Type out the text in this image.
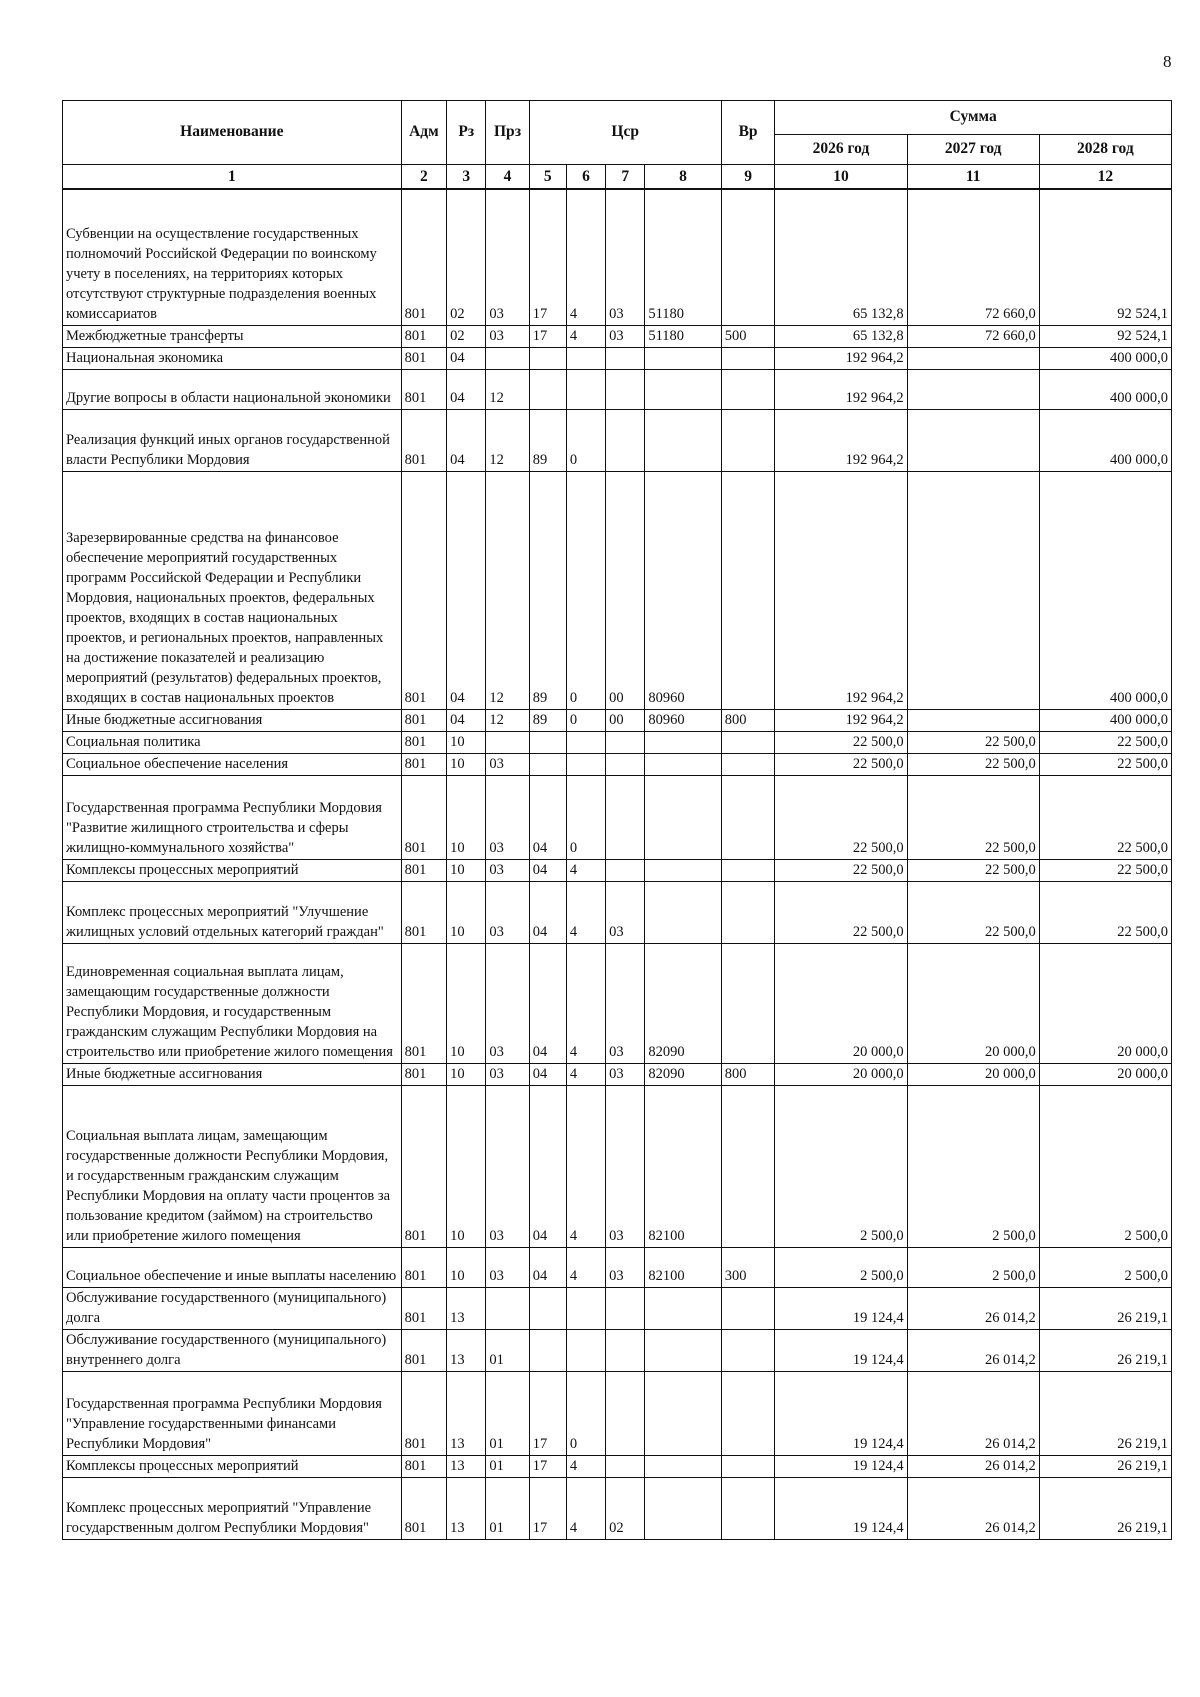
8
Наименование	Адм	Рз	Прз	Цср				Вр	Сумма		
									2026 год	2027 год	2028 год
1	2	3	4	5	6	7	8	9	10	11	12
Субвенции на осуществление государственных полномочий Российской Федерации по воинскому учету в поселениях, на территориях которых отсутствуют структурные подразделения военных комиссариатов	801	02	03	17	4	03	51180		65 132,8	72 660,0	92 524,1
Межбюджетные трансферты	801	02	03	17	4	03	51180	500	65 132,8	72 660,0	92 524,1
Национальная экономика	801	04							192 964,2		400 000,0
Другие вопросы в области национальной экономики	801	04	12						192 964,2		400 000,0
Реализация функций иных органов государственной власти Республики Мордовия	801	04	12	89	0				192 964,2		400 000,0
Зарезервированные средства на финансовое обеспечение мероприятий государственных программ Российской Федерации и Республики Мордовия, национальных проектов, федеральных проектов, входящих в состав национальных проектов, и региональных проектов, направленных на достижение показателей и реализацию мероприятий (результатов) федеральных проектов, входящих в состав национальных проектов	801	04	12	89	0	00	80960		192 964,2		400 000,0
Иные бюджетные ассигнования	801	04	12	89	0	00	80960	800	192 964,2		400 000,0
Социальная политика	801	10							22 500,0	22 500,0	22 500,0
Социальное обеспечение населения	801	10	03						22 500,0	22 500,0	22 500,0
Государственная программа Республики Мордовия "Развитие жилищного строительства и сферы жилищно-коммунального хозяйства"	801	10	03	04	0				22 500,0	22 500,0	22 500,0
Комплексы процессных мероприятий	801	10	03	04	4				22 500,0	22 500,0	22 500,0
Комплекс процессных мероприятий "Улучшение жилищных условий отдельных категорий граждан"	801	10	03	04	4	03			22 500,0	22 500,0	22 500,0
Единовременная социальная выплата лицам, замещающим государственные должности Республики Мордовия, и государственным гражданским служащим Республики Мордовия на строительство или приобретение жилого помещения	801	10	03	04	4	03	82090		20 000,0	20 000,0	20 000,0
Иные бюджетные ассигнования	801	10	03	04	4	03	82090	800	20 000,0	20 000,0	20 000,0
Социальная выплата лицам, замещающим государственные должности Республики Мордовия, и государственным гражданским служащим Республики Мордовия на оплату части процентов за пользование кредитом (займом) на строительство или приобретение жилого помещения	801	10	03	04	4	03	82100		2 500,0	2 500,0	2 500,0
Социальное обеспечение и иные выплаты населению	801	10	03	04	4	03	82100	300	2 500,0	2 500,0	2 500,0
Обслуживание государственного (муниципального) долга	801	13							19 124,4	26 014,2	26 219,1
Обслуживание государственного (муниципального) внутреннего долга	801	13	01						19 124,4	26 014,2	26 219,1
Государственная программа Республики Мордовия "Управление государственными финансами Республики Мордовия"	801	13	01	17	0				19 124,4	26 014,2	26 219,1
Комплексы процессных мероприятий	801	13	01	17	4				19 124,4	26 014,2	26 219,1
Комплекс процессных мероприятий "Управление государственным долгом Республики Мордовия"	801	13	01	17	4	02			19 124,4	26 014,2	26 219,1
